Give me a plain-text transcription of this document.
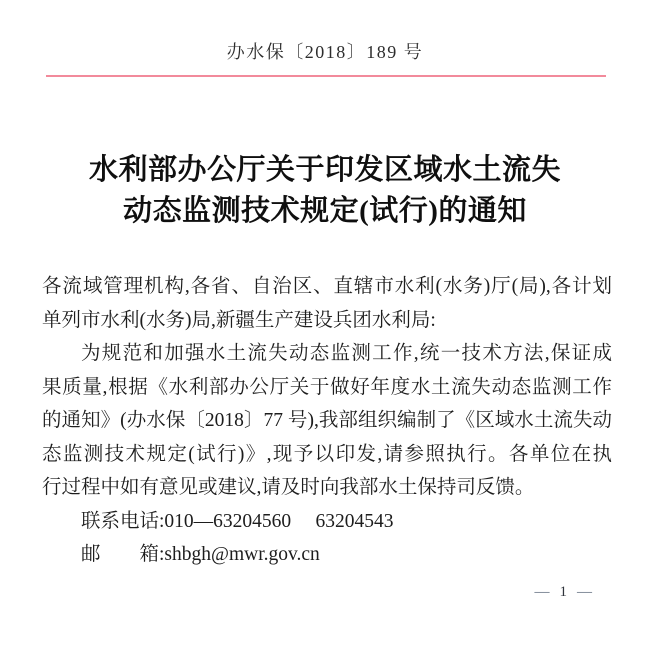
办水保〔2018〕189 号
水利部办公厅关于印发区域水土流失
动态监测技术规定(试行)的通知
各流域管理机构,各省、自治区、直辖市水利(水务)厅(局),各计划
单列市水利(水务)局,新疆生产建设兵团水利局:
为规范和加强水土流失动态监测工作,统一技术方法,保证成
果质量,根据《水利部办公厅关于做好年度水土流失动态监测工作
的通知》(办水保〔2018〕77 号),我部组织编制了《区域水土流失动
态监测技术规定(试行)》,现予以印发,请参照执行。各单位在执
行过程中如有意见或建议,请及时向我部水土保持司反馈。
联系电话:010—63204560　 63204543
邮　　箱:shbgh@mwr.gov.cn
— 1 —
